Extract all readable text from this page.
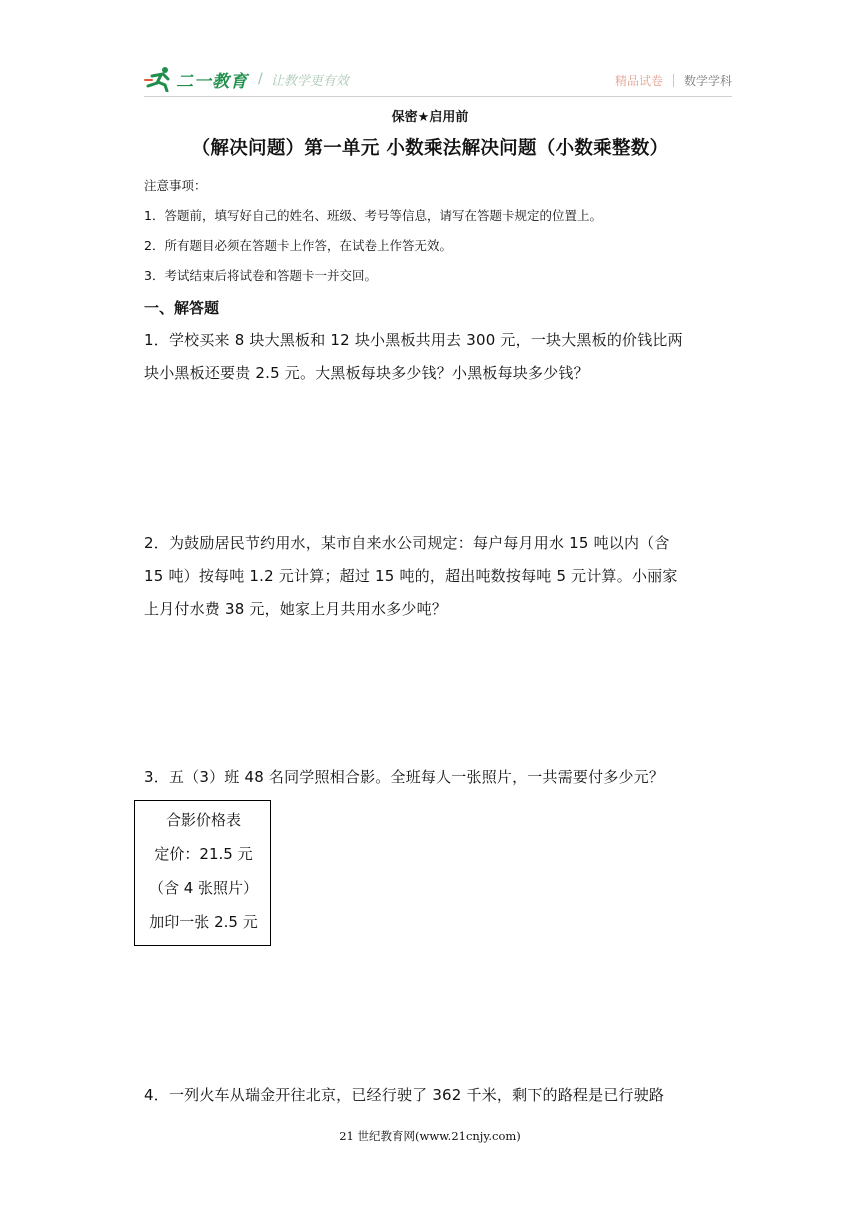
二一教育 / 让教学更有效	精品试卷 数学学科
保密★启用前
（解决问题）第一单元 小数乘法解决问题（小数乘整数）
注意事项：
1．答题前，填写好自己的姓名、班级、考号等信息，请写在答题卡规定的位置上。
2．所有题目必须在答题卡上作答，在试卷上作答无效。
3．考试结束后将试卷和答题卡一并交回。
一、解答题
1．学校买来 8 块大黑板和 12 块小黑板共用去 300 元，一块大黑板的价钱比两
块小黑板还要贵 2.5 元。大黑板每块多少钱？小黑板每块多少钱？
2．为鼓励居民节约用水，某市自来水公司规定：每户每月用水 15 吨以内（含
15 吨）按每吨 1.2 元计算；超过 15 吨的，超出吨数按每吨 5 元计算。小丽家
上月付水费 38 元，她家上月共用水多少吨？
3．五（3）班 48 名同学照相合影。全班每人一张照片，一共需要付多少元？
合影价格表
定价：21.5 元
（含 4 张照片）
加印一张 2.5 元
4．一列火车从瑞金开往北京，已经行驶了 362 千米，剩下的路程是已行驶路
21 世纪教育网(www.21cnjy.com)
